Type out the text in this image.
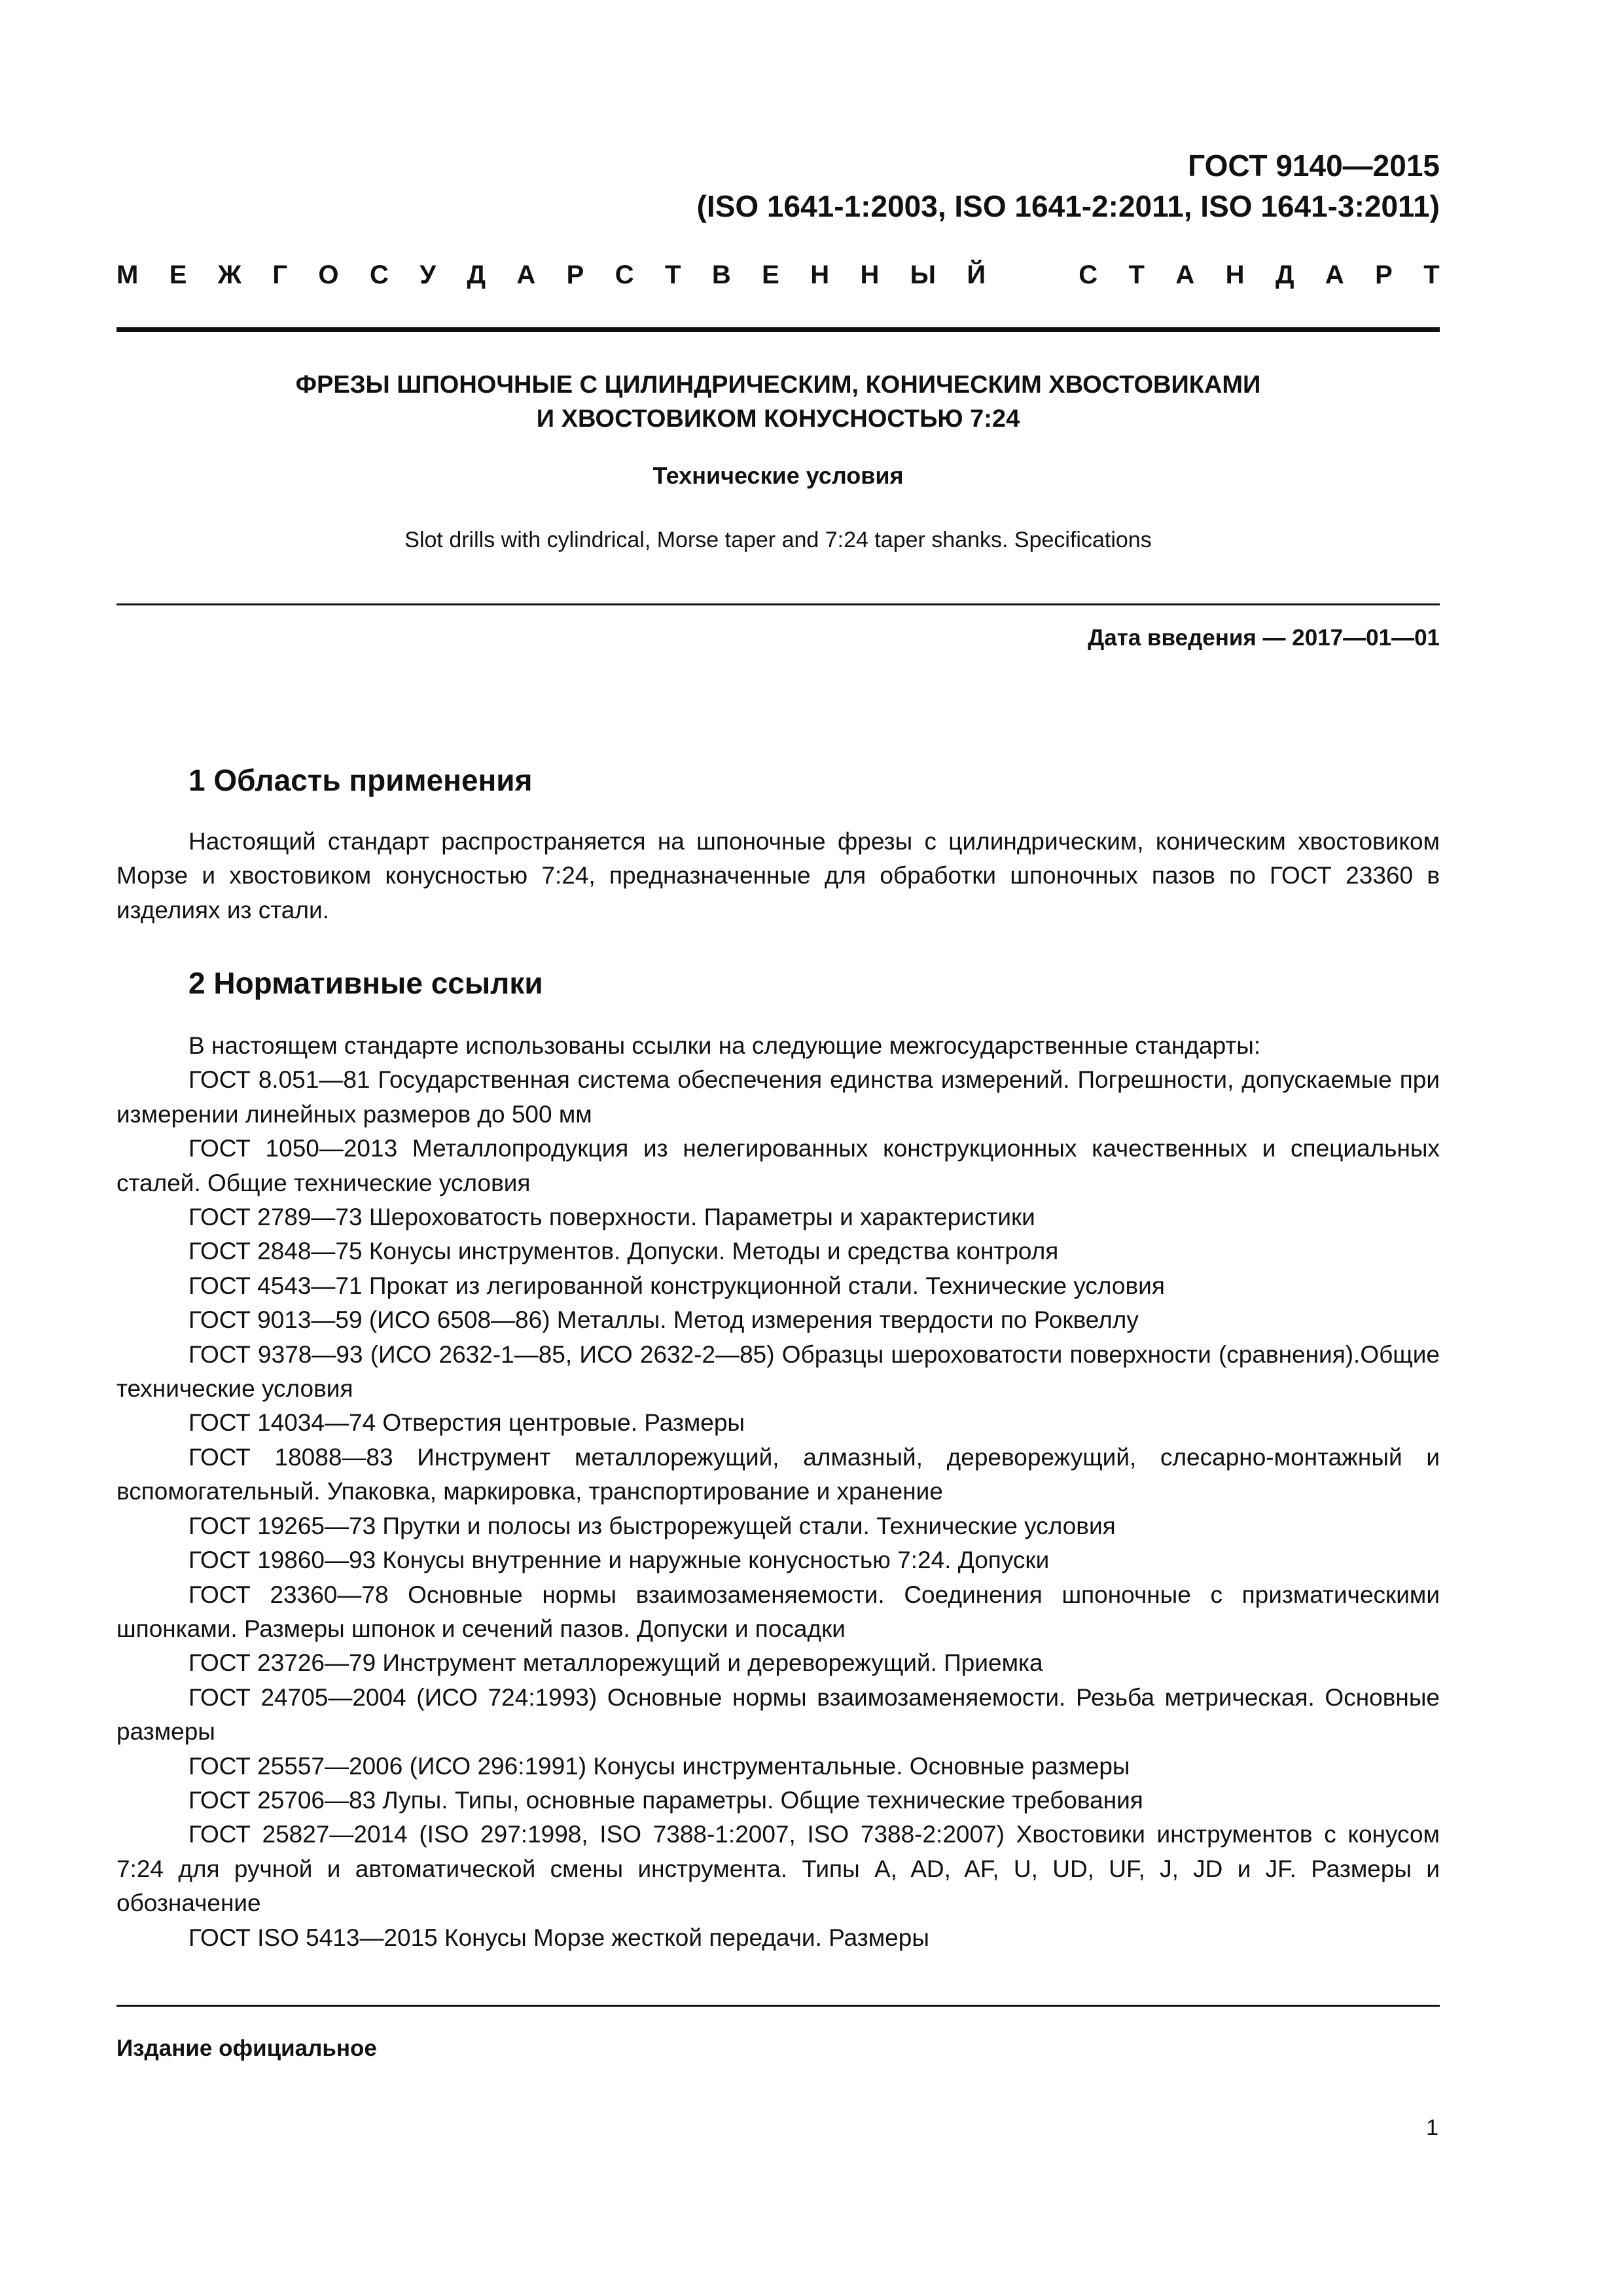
ГОСТ 9140—2015
(ISO 1641-1:2003, ISO 1641-2:2011, ISO 1641-3:2011)
М Е Ж Г О С У Д А Р С Т В Е Н Н Ы Й	С Т А Н Д А Р Т
ФРЕЗЫ ШПОНОЧНЫЕ С ЦИЛИНДРИЧЕСКИМ, КОНИЧЕСКИМ ХВОСТОВИКАМИ
И ХВОСТОВИКОМ КОНУСНОСТЬЮ 7:24
Технические условия
Slot drills with cylindrical, Morse taper and 7:24 taper shanks. Specifications
Дата введения — 2017—01—01
1 Область применения

Настоящий стандарт распространяется на шпоночные фрезы с цилиндрическим, коническим хвостовиком Морзе и хвостовиком конусностью 7:24, предназначенные для обработки шпоночных пазов по ГОСТ 23360 в изделиях из стали.

2 Нормативные ссылки

В настоящем стандарте использованы ссылки на следующие межгосударственные стандарты:

ГОСТ 8.051—81 Государственная система обеспечения единства измерений. Погрешности, допускаемые при измерении линейных размеров до 500 мм

ГОСТ 1050—2013 Металлопродукция из нелегированных конструкционных качественных и специальных сталей. Общие технические условия

ГОСТ 2789—73 Шероховатость поверхности. Параметры и характеристики

ГОСТ 2848—75 Конусы инструментов. Допуски. Методы и средства контроля

ГОСТ 4543—71 Прокат из легированной конструкционной стали. Технические условия

ГОСТ 9013—59 (ИСО 6508—86) Металлы. Метод измерения твердости по Роквеллу

ГОСТ 9378—93 (ИСО 2632-1—85, ИСО 2632-2—85) Образцы шероховатости поверхности (сравнения).Общие технические условия

ГОСТ 14034—74 Отверстия центровые. Размеры

ГОСТ 18088—83 Инструмент металлорежущий, алмазный, дереворежущий, слесарно-монтажный и вспомогательный. Упаковка, маркировка, транспортирование и хранение

ГОСТ 19265—73 Прутки и полосы из быстрорежущей стали. Технические условия

ГОСТ 19860—93 Конусы внутренние и наружные конусностью 7:24. Допуски

ГОСТ 23360—78 Основные нормы взаимозаменяемости. Соединения шпоночные с призматическими шпонками. Размеры шпонок и сечений пазов. Допуски и посадки

ГОСТ 23726—79 Инструмент металлорежущий и дереворежущий. Приемка

ГОСТ 24705—2004 (ИСО 724:1993) Основные нормы взаимозаменяемости. Резьба метрическая. Основные размеры

ГОСТ 25557—2006 (ИСО 296:1991) Конусы инструментальные. Основные размеры

ГОСТ 25706—83 Лупы. Типы, основные параметры. Общие технические требования

ГОСТ 25827—2014 (ISO 297:1998, ISO 7388-1:2007, ISO 7388-2:2007) Хвостовики инструментов с конусом 7:24 для ручной и автоматической смены инструмента. Типы A, AD, AF, U, UD, UF, J, JD и JF. Размеры и обозначение

ГОСТ ISO 5413—2015 Конусы Морзе жесткой передачи. Размеры

Издание официальное
1
